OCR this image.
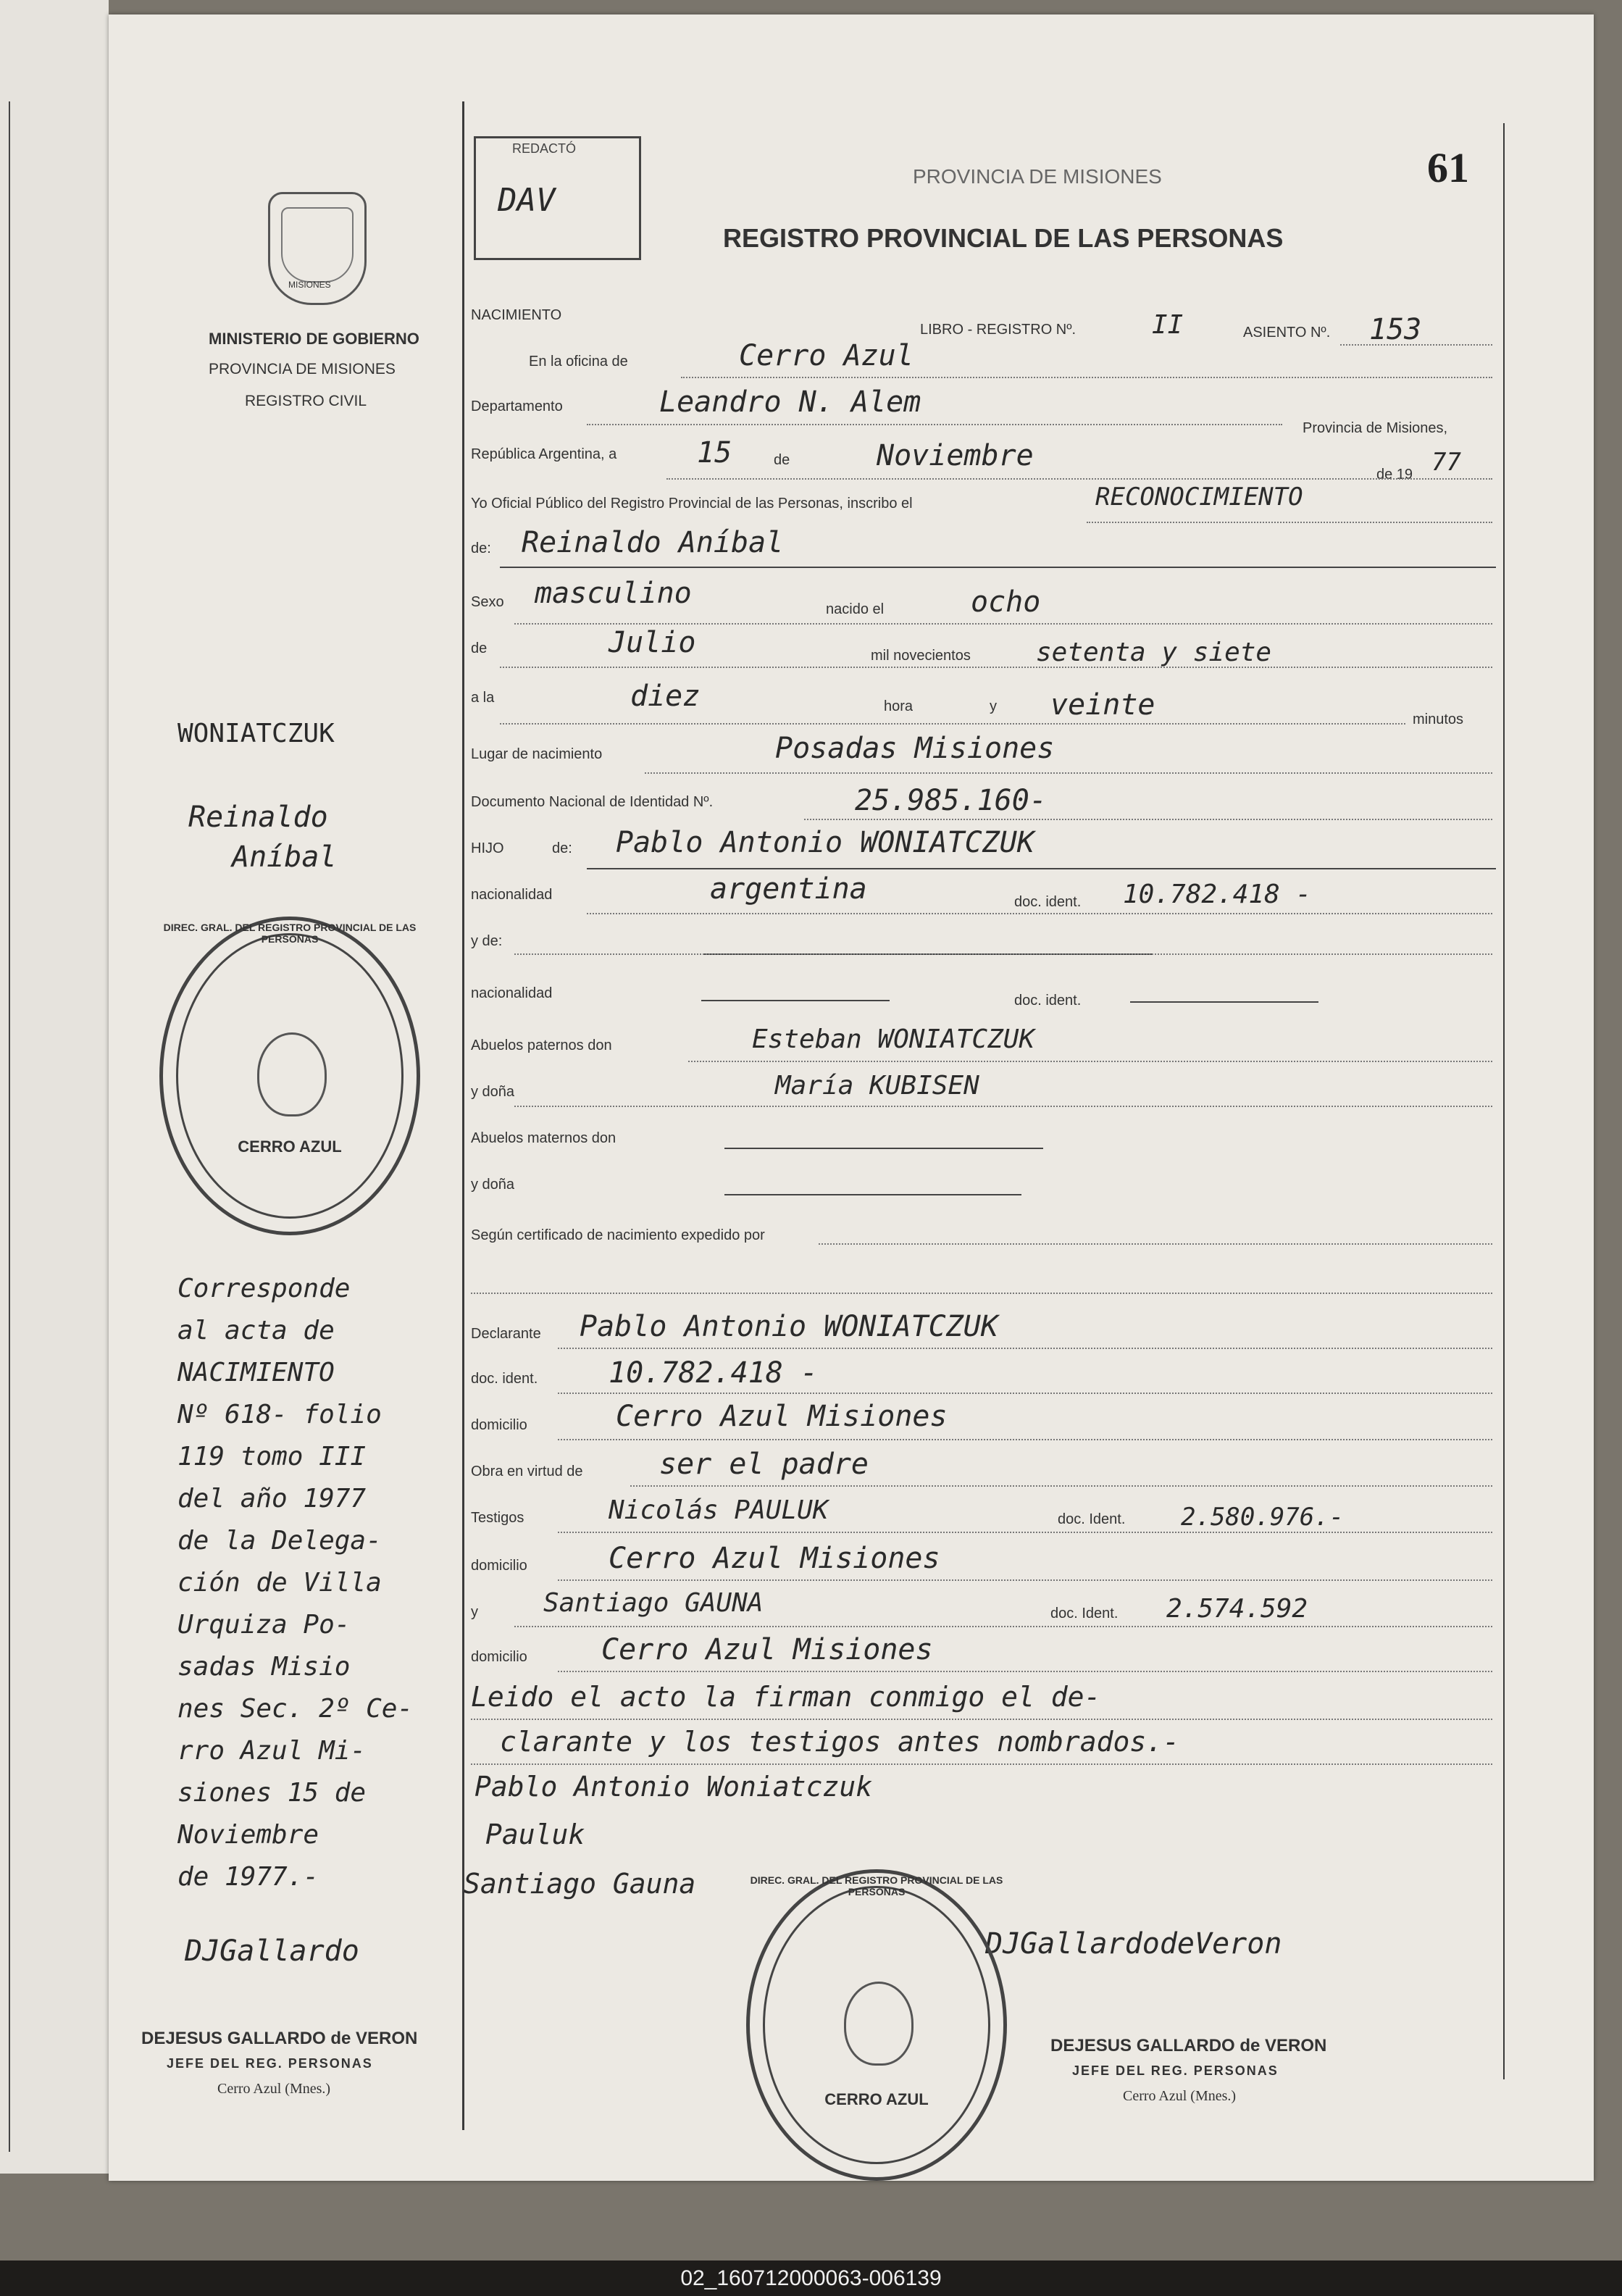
MISIONES
MINISTERIO DE GOBIERNO
PROVINCIA DE MISIONES
REGISTRO CIVIL
REDACTÓ
DAV
PROVINCIA DE MISIONES	61
REGISTRO PROVINCIAL DE LAS PERSONAS
NACIMIENTO
LIBRO - REGISTRO Nº.	II	ASIENTO Nº. 153
En la oficina de	Cerro Azul
Departamento	Leandro N. Alem
Provincia de Misiones,
República Argentina, a	15	de	Noviembre
de 19 77
Yo Oficial Público del Registro Provincial de las Personas, inscribo el	RECONOCIMIENTO
de: Reinaldo Aníbal
Sexo masculino	nacido el	ocho
de	Julio	mil novecientos	setenta y siete
a la	diez	hora	y veinte	minutos
Lugar de nacimiento	Posadas Misiones
Documento Nacional de Identidad Nº.	25.985.160-
HIJO	de: Pablo Antonio WONIATCZUK
nacionalidad	argentina	doc. ident. 10.782.418 -
y de:
nacionalidad	doc. ident.
Abuelos paternos don	Esteban WONIATCZUK
y doña	María KUBISEN
Abuelos maternos don
y doña
Según certificado de nacimiento expedido por
Declarante Pablo Antonio WONIATCZUK
doc. ident. 10.782.418 -
domicilio	Cerro Azul Misiones
Obra en virtud de	ser el padre
Testigos	Nicolás PAULUK	doc. Ident. 2.580.976.-
domicilio	Cerro Azul Misiones
y	Santiago GAUNA	doc. Ident. 2.574.592
domicilio	Cerro Azul Misiones
Leido el acto la firman conmigo el de-
clarante y los testigos antes nombrados.-
Pablo Antonio Woniatczuk
Pauluk
Santiago Gauna
DJGallardodeVeron
DEJESUS GALLARDO de VERON
JEFE DEL REG. PERSONAS
Cerro Azul (Mnes.)
WONIATCZUK
Reinaldo
Aníbal
Corresponde
al acta de
NACIMIENTO
Nº 618- folio
119 tomo III
del año 1977
de la Delega-
ción de Villa
Urquiza Po-
sadas Misio
nes Sec. 2º Ce-
rro Azul Mi-
siones 15 de
Noviembre
de 1977.-
DJGallardo
DEJESUS GALLARDO de VERON
JEFE DEL REG. PERSONAS
Cerro Azul (Mnes.)
DIREC. GRAL. DEL REGISTRO PROVINCIAL DE LAS PERSONAS
CERRO AZUL
DIREC. GRAL. DEL REGISTRO PROVINCIAL DE LAS PERSONAS
CERRO AZUL
02_160712000063-006139
